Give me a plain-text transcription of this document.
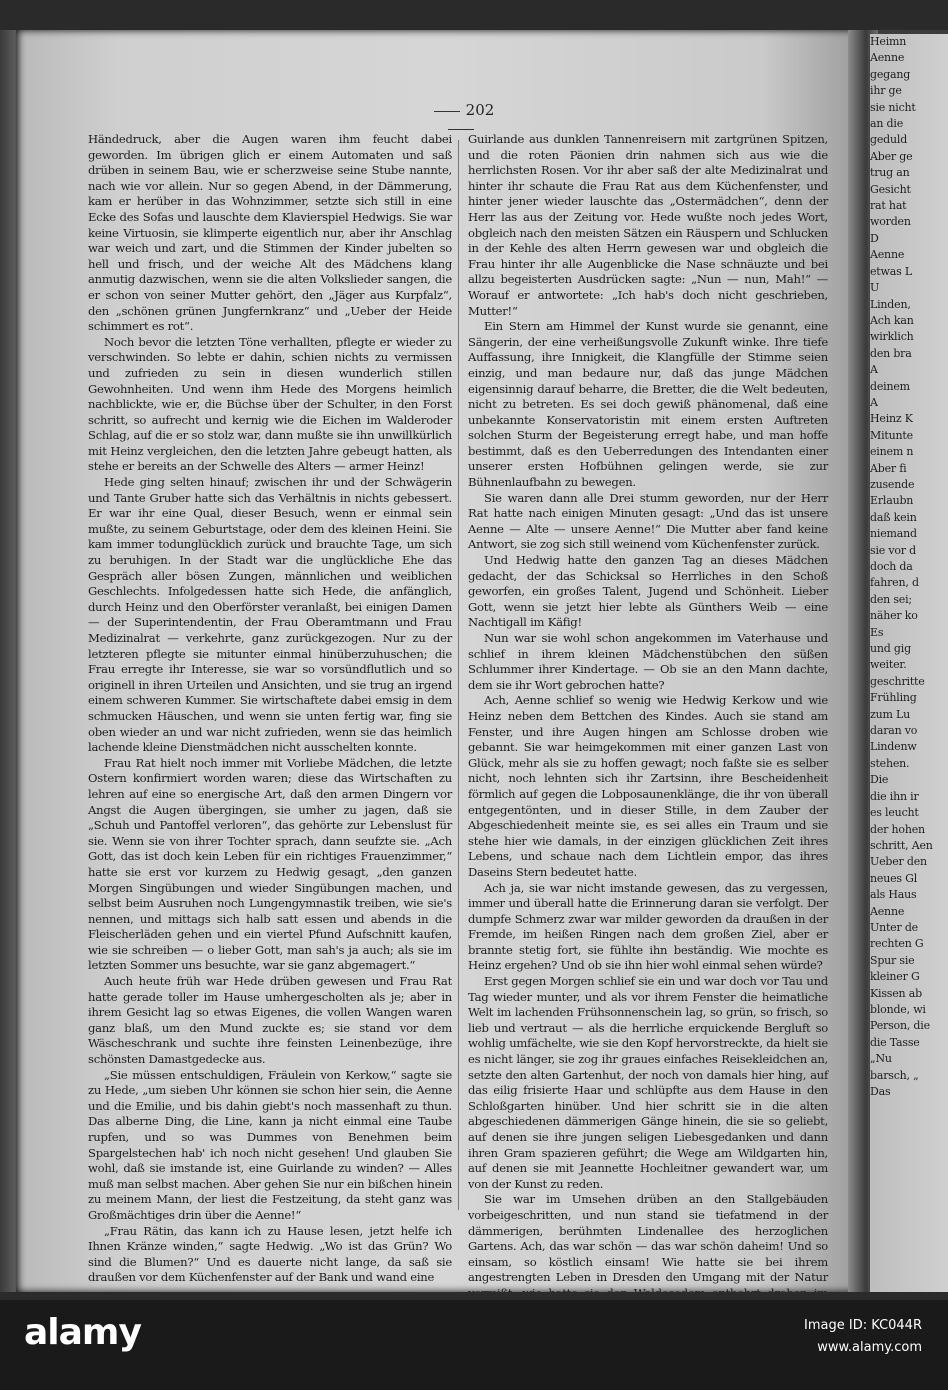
Heimn
Aenne
gegang
ihr ge
sie nicht
an die
geduld
Aber ge
trug an
Gesicht
rat hat
worden
D
Aenne
etwas L
U
Linden,
Ach kan
wirklich
den bra
A
deinem
A
Heinz K
Mitunte
einem n
Aber fi
zusende
Erlaubn
daß kein
niemand
sie vor d
doch da
fahren, d
den sei;
näher ko
Es
und gig
weiter.
geschritte
Frühling
zum Lu
daran vo
Lindenw
stehen.
Die
die ihn ir
es leucht
der hohen
schritt, Aen
Ueber den
neues Gl
als Haus
Aenne
Unter de
rechten G
Spur sie
kleiner G
Kissen ab
blonde, wi
Person, die
die Tasse
„Nu
barsch, „
Das
202

Händedruck, aber die Augen waren ihm feucht dabei geworden. Im übrigen glich er einem Automaten und saß drüben in seinem Bau, wie er scherzweise seine Stube nannte, nach wie vor allein. Nur so gegen Abend, in der Dämmerung, kam er herüber in das Wohnzimmer, setzte sich still in eine Ecke des Sofas und lauschte dem Klavierspiel Hedwigs. Sie war keine Virtuosin, sie klimperte eigentlich nur, aber ihr Anschlag war weich und zart, und die Stimmen der Kinder jubelten so hell und frisch, und der weiche Alt des Mädchens klang anmutig dazwischen, wenn sie die alten Volkslieder sangen, die er schon von seiner Mutter gehört, den „Jäger aus Kurpfalz“, den „schönen grünen Jungfernkranz“ und „Ueber der Heide schimmert es rot“.

Noch bevor die letzten Töne verhallten, pflegte er wieder zu verschwinden. So lebte er dahin, schien nichts zu vermissen und zufrieden zu sein in diesen wunderlich stillen Gewohnheiten. Und wenn ihm Hede des Morgens heimlich nachblickte, wie er, die Büchse über der Schulter, in den Forst schritt, so aufrecht und kernig wie die Eichen im Walderoder Schlag, auf die er so stolz war, dann mußte sie ihn unwillkürlich mit Heinz vergleichen, den die letzten Jahre gebeugt hatten, als stehe er bereits an der Schwelle des Alters — armer Heinz!

Hede ging selten hinauf; zwischen ihr und der Schwägerin und Tante Gruber hatte sich das Verhältnis in nichts gebessert. Er war ihr eine Qual, dieser Besuch, wenn er einmal sein mußte, zu seinem Geburtstage, oder dem des kleinen Heini. Sie kam immer todunglücklich zurück und brauchte Tage, um sich zu beruhigen. In der Stadt war die unglückliche Ehe das Gespräch aller bösen Zungen, männlichen und weiblichen Geschlechts. Infolgedessen hatte sich Hede, die anfänglich, durch Heinz und den Oberförster veranlaßt, bei einigen Damen — der Superintendentin, der Frau Oberamtmann und Frau Medizinalrat — verkehrte, ganz zurückgezogen. Nur zu der letzteren pflegte sie mitunter einmal hinüberzuhuschen; die Frau erregte ihr Interesse, sie war so vorsündflutlich und so originell in ihren Urteilen und Ansichten, und sie trug an irgend einem schweren Kummer. Sie wirtschaftete dabei emsig in dem schmucken Häuschen, und wenn sie unten fertig war, fing sie oben wieder an und war nicht zufrieden, wenn sie das heimlich lachende kleine Dienstmädchen nicht ausschelten konnte.

Frau Rat hielt noch immer mit Vorliebe Mädchen, die letzte Ostern konfirmiert worden waren; diese das Wirtschaften zu lehren auf eine so energische Art, daß den armen Dingern vor Angst die Augen übergingen, sie umher zu jagen, daß sie „Schuh und Pantoffel verloren“, das gehörte zur Lebenslust für sie. Wenn sie von ihrer Tochter sprach, dann seufzte sie. „Ach Gott, das ist doch kein Leben für ein richtiges Frauenzimmer,“ hatte sie erst vor kurzem zu Hedwig gesagt, „den ganzen Morgen Singübungen und wieder Singübungen machen, und selbst beim Ausruhen noch Lungengymnastik treiben, wie sie's nennen, und mittags sich halb satt essen und abends in die Fleischerläden gehen und ein viertel Pfund Aufschnitt kaufen, wie sie schreiben — o lieber Gott, man sah's ja auch; als sie im letzten Sommer uns besuchte, war sie ganz abgemagert.“

Auch heute früh war Hede drüben gewesen und Frau Rat hatte gerade toller im Hause umhergescholten als je; aber in ihrem Gesicht lag so etwas Eigenes, die vollen Wangen waren ganz blaß, um den Mund zuckte es; sie stand vor dem Wäscheschrank und suchte ihre feinsten Leinenbezüge, ihre schönsten Damastgedecke aus.

„Sie müssen entschuldigen, Fräulein von Kerkow,“ sagte sie zu Hede, „um sieben Uhr können sie schon hier sein, die Aenne und die Emilie, und bis dahin giebt's noch massenhaft zu thun. Das alberne Ding, die Line, kann ja nicht einmal eine Taube rupfen, und so was Dummes von Benehmen beim Spargelstechen hab' ich noch nicht gesehen! Und glauben Sie wohl, daß sie imstande ist, eine Guirlande zu winden? — Alles muß man selbst machen. Aber gehen Sie nur ein bißchen hinein zu meinem Mann, der liest die Festzeitung, da steht ganz was Großmächtiges drin über die Aenne!“

„Frau Rätin, das kann ich zu Hause lesen, jetzt helfe ich Ihnen Kränze winden,“ sagte Hedwig. „Wo ist das Grün? Wo sind die Blumen?“ Und es dauerte nicht lange, da saß sie draußen vor dem Küchenfenster auf der Bank und wand eine

Guirlande aus dunklen Tannenreisern mit zartgrünen Spitzen, und die roten Päonien drin nahmen sich aus wie die herrlichsten Rosen. Vor ihr aber saß der alte Medizinalrat und hinter ihr schaute die Frau Rat aus dem Küchenfenster, und hinter jener wieder lauschte das „Ostermädchen“, denn der Herr las aus der Zeitung vor. Hede wußte noch jedes Wort, obgleich nach den meisten Sätzen ein Räuspern und Schlucken in der Kehle des alten Herrn gewesen war und obgleich die Frau hinter ihr alle Augenblicke die Nase schnäuzte und bei allzu begeisterten Ausdrücken sagte: „Nun — nun, Mah!“ — Worauf er antwortete: „Ich hab's doch nicht geschrieben, Mutter!“

Ein Stern am Himmel der Kunst wurde sie genannt, eine Sängerin, der eine verheißungsvolle Zukunft winke. Ihre tiefe Auffassung, ihre Innigkeit, die Klangfülle der Stimme seien einzig, und man bedaure nur, daß das junge Mädchen eigensinnig darauf beharre, die Bretter, die die Welt bedeuten, nicht zu betreten. Es sei doch gewiß phänomenal, daß eine unbekannte Konservatoristin mit einem ersten Auftreten solchen Sturm der Begeisterung erregt habe, und man hoffe bestimmt, daß es den Ueberredungen des Intendanten einer unserer ersten Hofbühnen gelingen werde, sie zur Bühnenlaufbahn zu bewegen.

Sie waren dann alle Drei stumm geworden, nur der Herr Rat hatte nach einigen Minuten gesagt: „Und das ist unsere Aenne — Alte — unsere Aenne!“ Die Mutter aber fand keine Antwort, sie zog sich still weinend vom Küchenfenster zurück.

Und Hedwig hatte den ganzen Tag an dieses Mädchen gedacht, der das Schicksal so Herrliches in den Schoß geworfen, ein großes Talent, Jugend und Schönheit. Lieber Gott, wenn sie jetzt hier lebte als Günthers Weib — eine Nachtigall im Käfig!

Nun war sie wohl schon angekommen im Vaterhause und schlief in ihrem kleinen Mädchenstübchen den süßen Schlummer ihrer Kindertage. — Ob sie an den Mann dachte, dem sie ihr Wort gebrochen hatte?

Ach, Aenne schlief so wenig wie Hedwig Kerkow und wie Heinz neben dem Bettchen des Kindes. Auch sie stand am Fenster, und ihre Augen hingen am Schlosse droben wie gebannt. Sie war heimgekommen mit einer ganzen Last von Glück, mehr als sie zu hoffen gewagt; noch faßte sie es selber nicht, noch lehnten sich ihr Zartsinn, ihre Bescheidenheit förmlich auf gegen die Lobposaunenklänge, die ihr von überall entgegentönten, und in dieser Stille, in dem Zauber der Abgeschiedenheit meinte sie, es sei alles ein Traum und sie stehe hier wie damals, in der einzigen glücklichen Zeit ihres Lebens, und schaue nach dem Lichtlein empor, das ihres Daseins Stern bedeutet hatte.

Ach ja, sie war nicht imstande gewesen, das zu vergessen, immer und überall hatte die Erinnerung daran sie verfolgt. Der dumpfe Schmerz zwar war milder geworden da draußen in der Fremde, im heißen Ringen nach dem großen Ziel, aber er brannte stetig fort, sie fühlte ihn beständig. Wie mochte es Heinz ergehen? Und ob sie ihn hier wohl einmal sehen würde?

Erst gegen Morgen schlief sie ein und war doch vor Tau und Tag wieder munter, und als vor ihrem Fenster die heimatliche Welt im lachenden Frühsonnenschein lag, so grün, so frisch, so lieb und vertraut — als die herrliche erquickende Bergluft so wohlig umfächelte, wie sie den Kopf hervorstreckte, da hielt sie es nicht länger, sie zog ihr graues einfaches Reisekleidchen an, setzte den alten Gartenhut, der noch von damals hier hing, auf das eilig frisierte Haar und schlüpfte aus dem Hause in den Schloßgarten hinüber. Und hier schritt sie in die alten abgeschiedenen dämmerigen Gänge hinein, die sie so geliebt, auf denen sie ihre jungen seligen Liebesgedanken und dann ihren Gram spazieren geführt; die Wege am Wildgarten hin, auf denen sie mit Jeannette Hochleitner gewandert war, um von der Kunst zu reden.

Sie war im Umsehen drüben an den Stallgebäuden vorbeigeschritten, und nun stand sie tiefatmend in der dämmerigen, berühmten Lindenallee des herzoglichen Gartens. Ach, das war schön — das war schön daheim! Und so einsam, so köstlich einsam! Wie hatte sie bei ihrem angestrengten Leben in Dresden den Umgang mit der Natur

alamy	Image ID: KC044R
www.alamy.com
